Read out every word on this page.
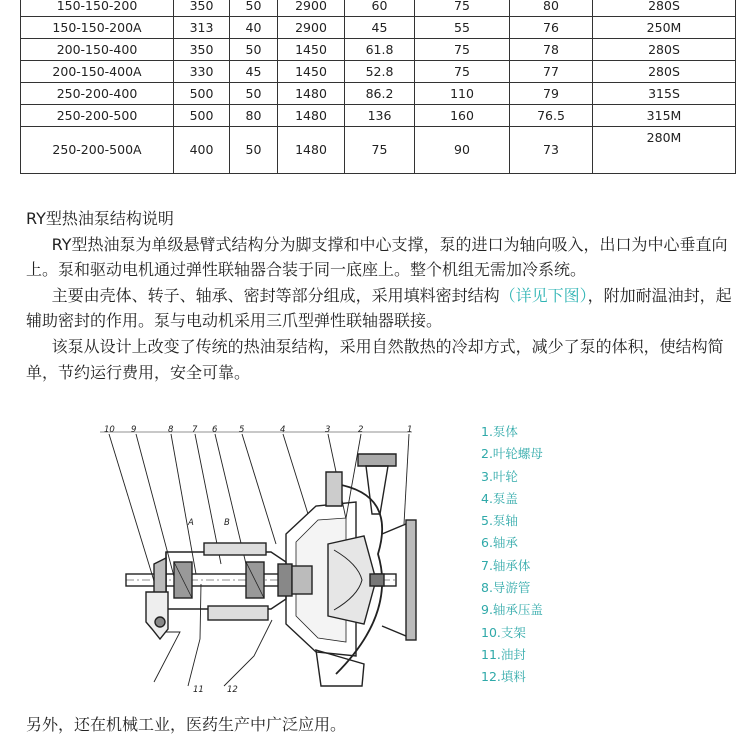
150-150-200	350	50	2900	60	75	80	280S
150-150-200A	313	40	2900	45	55	76	250M
200-150-400	350	50	1450	61.8	75	78	280S
200-150-400A	330	45	1450	52.8	75	77	280S
250-200-400	500	50	1480	86.2	110	79	315S
250-200-500	500	80	1480	136	160	76.5	315M
250-200-500A	400	50	1480	75	90	73	280M

RY型热油泵结构说明

RY型热油泵为单级悬臂式结构分为脚支撑和中心支撑，泵的进口为轴向吸入，出口为中心垂直向上。泵和驱动电机通过弹性联轴器合装于同一底座上。整个机组无需加冷系统。

主要由壳体、转子、轴承、密封等部分组成，采用填料密封结构（详见下图），附加耐温油封，起辅助密封的作用。泵与电动机采用三爪型弹性联轴器联接。

该泵从设计上改变了传统的热油泵结构，采用自然散热的冷却方式，减少了泵的体积，使结构简单，节约运行费用，安全可靠。

10 9	8 7 6	5	4	3	2	1
11	12
A	B
1.泵体
2.叶轮螺母
3.叶轮
4.泵盖
5.泵轴
6.轴承
7.轴承体
8.导游管
9.轴承压盖
10.支架
11.油封
12.填料
另外，还在机械工业，医药生产中广泛应用。
